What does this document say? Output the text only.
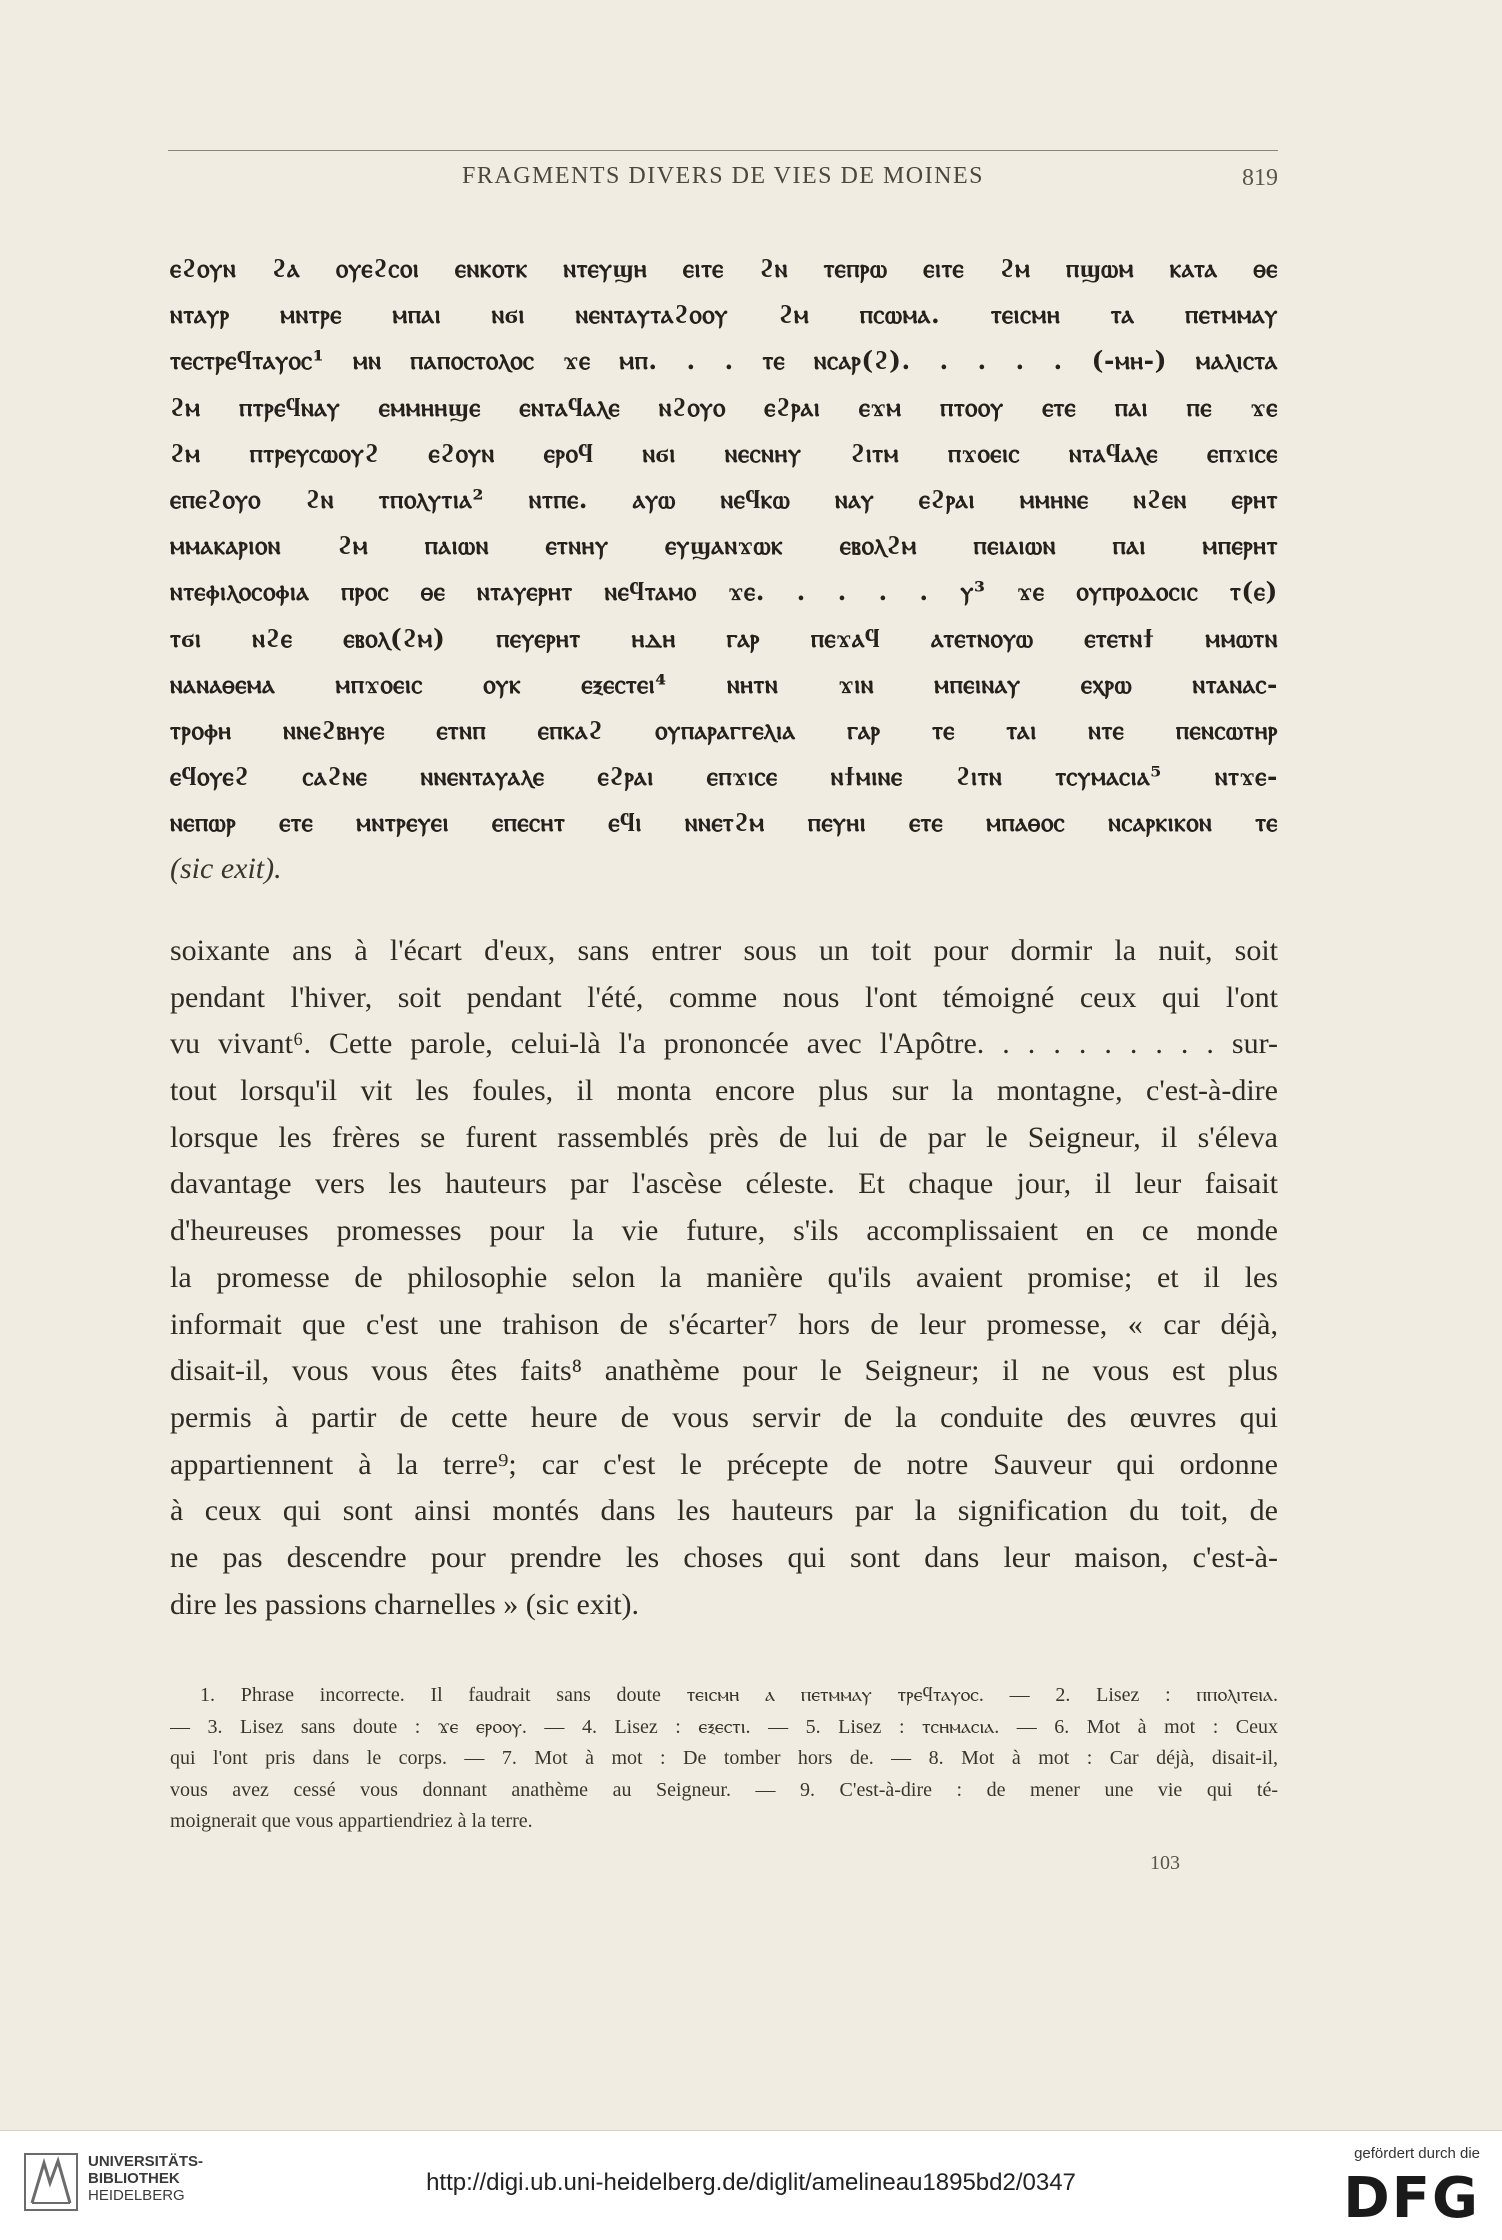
FRAGMENTS DIVERS DE VIES DE MOINES	819
ⲉϩⲟⲩⲛ ϩⲁ ⲟⲩⲉϩⲥⲟⲓ ⲉⲛⲕⲟⲧⲕ ⲛⲧⲉⲩϣⲏ ⲉⲓⲧⲉ ϩⲛ ⲧⲉⲡⲣⲱ ⲉⲓⲧⲉ ϩⲙ ⲡϣⲱⲙ ⲕⲁⲧⲁ ⲑⲉ
ⲛⲧⲁⲩⲣ ⲙⲛⲧⲣⲉ ⲙⲡⲁⲓ ⲛϭⲓ ⲛⲉⲛⲧⲁⲩⲧⲁϩⲟⲟⲩ ϩⲙ ⲡⲥⲱⲙⲁ. ⲧⲉⲓⲥⲙⲏ ⲧⲁ ⲡⲉⲧⲙⲙⲁⲩ
ⲧⲉⲥⲧⲣⲉϥⲧⲁⲩⲟⲥ¹ ⲙⲛ ⲡⲁⲡⲟⲥⲧⲟⲗⲟⲥ ϫⲉ ⲙⲡ. . . ⲧⲉ ⲛⲥⲁⲣ(ϩ). . . . . (-ⲙⲏ-) ⲙⲁⲗⲓⲥⲧⲁ
ϩⲙ ⲡⲧⲣⲉϥⲛⲁⲩ ⲉⲙⲙⲏⲏϣⲉ ⲉⲛⲧⲁϥⲁⲗⲉ ⲛϩⲟⲩⲟ ⲉϩⲣⲁⲓ ⲉϫⲙ ⲡⲧⲟⲟⲩ ⲉⲧⲉ ⲡⲁⲓ ⲡⲉ ϫⲉ
ϩⲙ ⲡⲧⲣⲉⲩⲥⲱⲟⲩϩ ⲉϩⲟⲩⲛ ⲉⲣⲟϥ ⲛϭⲓ ⲛⲉⲥⲛⲏⲩ ϩⲓⲧⲙ ⲡϫⲟⲉⲓⲥ ⲛⲧⲁϥⲁⲗⲉ ⲉⲡϫⲓⲥⲉ
ⲉⲡⲉϩⲟⲩⲟ ϩⲛ ⲧⲡⲟⲗⲩⲧⲓⲁ² ⲛⲧⲡⲉ. ⲁⲩⲱ ⲛⲉϥⲕⲱ ⲛⲁⲩ ⲉϩⲣⲁⲓ ⲙⲙⲏⲛⲉ ⲛϩⲉⲛ ⲉⲣⲏⲧ
ⲙⲙⲁⲕⲁⲣⲓⲟⲛ ϩⲙ ⲡⲁⲓⲱⲛ ⲉⲧⲛⲏⲩ ⲉⲩϣⲁⲛϫⲱⲕ ⲉⲃⲟⲗϩⲙ ⲡⲉⲓⲁⲓⲱⲛ ⲡⲁⲓ ⲙⲡⲉⲣⲏⲧ
ⲛⲧⲉⲫⲓⲗⲟⲥⲟⲫⲓⲁ ⲡⲣⲟⲥ ⲑⲉ ⲛⲧⲁⲩⲉⲣⲏⲧ ⲛⲉϥⲧⲁⲙⲟ ϫⲉ. . . . . ⲩ³ ϫⲉ ⲟⲩⲡⲣⲟⲇⲟⲥⲓⲥ ⲧ(ⲉ)
ⲧϭⲓ ⲛϩⲉ ⲉⲃⲟⲗ(ϩⲙ) ⲡⲉⲩⲉⲣⲏⲧ ⲏⲇⲏ ⲅⲁⲣ ⲡⲉϫⲁϥ ⲁⲧⲉⲧⲛⲟⲩⲱ ⲉⲧⲉⲧⲛϯ ⲙⲙⲱⲧⲛ
ⲛⲁⲛⲁⲑⲉⲙⲁ ⲙⲡϫⲟⲉⲓⲥ ⲟⲩⲕ ⲉⲝⲉⲥⲧⲉⲓ⁴ ⲛⲏⲧⲛ ϫⲓⲛ ⲙⲡⲉⲓⲛⲁⲩ ⲉⲭⲣⲱ ⲛⲧⲁⲛⲁⲥ-
ⲧⲣⲟⲫⲏ ⲛⲛⲉϩⲃⲏⲩⲉ ⲉⲧⲛⲡ ⲉⲡⲕⲁϩ ⲟⲩⲡⲁⲣⲁⲅⲅⲉⲗⲓⲁ ⲅⲁⲣ ⲧⲉ ⲧⲁⲓ ⲛⲧⲉ ⲡⲉⲛⲥⲱⲧⲏⲣ
ⲉϥⲟⲩⲉϩ ⲥⲁϩⲛⲉ ⲛⲛⲉⲛⲧⲁⲩⲁⲗⲉ ⲉϩⲣⲁⲓ ⲉⲡϫⲓⲥⲉ ⲛϯⲙⲓⲛⲉ ϩⲓⲧⲛ ⲧⲥⲩⲙⲁⲥⲓⲁ⁵ ⲛⲧϫⲉ-
ⲛⲉⲡⲱⲣ ⲉⲧⲉ ⲙⲛⲧⲣⲉⲩⲉⲓ ⲉⲡⲉⲥⲏⲧ ⲉϥⲓ ⲛⲛⲉⲧϩⲙ ⲡⲉⲩⲏⲓ ⲉⲧⲉ ⲙⲡⲁⲑⲟⲥ ⲛⲥⲁⲣⲕⲓⲕⲟⲛ ⲧⲉ
(sic exit).
soixante ans à l'écart d'eux, sans entrer sous un toit pour dormir la nuit, soit
pendant l'hiver, soit pendant l'été, comme nous l'ont témoigné ceux qui l'ont
vu vivant⁶. Cette parole, celui-là l'a prononcée avec l'Apôtre. . . . . . . . . . sur-
tout lorsqu'il vit les foules, il monta encore plus sur la montagne, c'est-à-dire
lorsque les frères se furent rassemblés près de lui de par le Seigneur, il s'éleva
davantage vers les hauteurs par l'ascèse céleste. Et chaque jour, il leur faisait
d'heureuses promesses pour la vie future, s'ils accomplissaient en ce monde
la promesse de philosophie selon la manière qu'ils avaient promise; et il les
informait que c'est une trahison de s'écarter⁷ hors de leur promesse, « car déjà,
disait-il, vous vous êtes faits⁸ anathème pour le Seigneur; il ne vous est plus
permis à partir de cette heure de vous servir de la conduite des œuvres qui
appartiennent à la terre⁹; car c'est le précepte de notre Sauveur qui ordonne
à ceux qui sont ainsi montés dans les hauteurs par la signification du toit, de
ne pas descendre pour prendre les choses qui sont dans leur maison, c'est-à-
dire les passions charnelles » (sic exit).
1. Phrase incorrecte. Il faudrait sans doute ⲧⲉⲓⲥⲙⲏ ⲁ ⲡⲉⲧⲙⲙⲁⲩ ⲧⲣⲉϥⲧⲁⲩⲟⲥ. — 2. Lisez : ⲡⲡⲟⲗⲓⲧⲉⲓⲁ.
— 3. Lisez sans doute : ϫⲉ ⲉⲣⲟⲟⲩ. — 4. Lisez : ⲉⲝⲉⲥⲧⲓ. — 5. Lisez : ⲧⲥⲏⲙⲁⲥⲓⲁ. — 6. Mot à mot : Ceux
qui l'ont pris dans le corps. — 7. Mot à mot : De tomber hors de. — 8. Mot à mot : Car déjà, disait-il,
vous avez cessé vous donnant anathème au Seigneur. — 9. C'est-à-dire : de mener une vie qui té-
moignerait que vous appartiendriez à la terre.
103
UNIVERSITÄTS-
BIBLIOTHEK
HEIDELBERG	http://digi.ub.uni-heidelberg.de/diglit/amelineau1895bd2/0347
gefördert durch die
DFG
